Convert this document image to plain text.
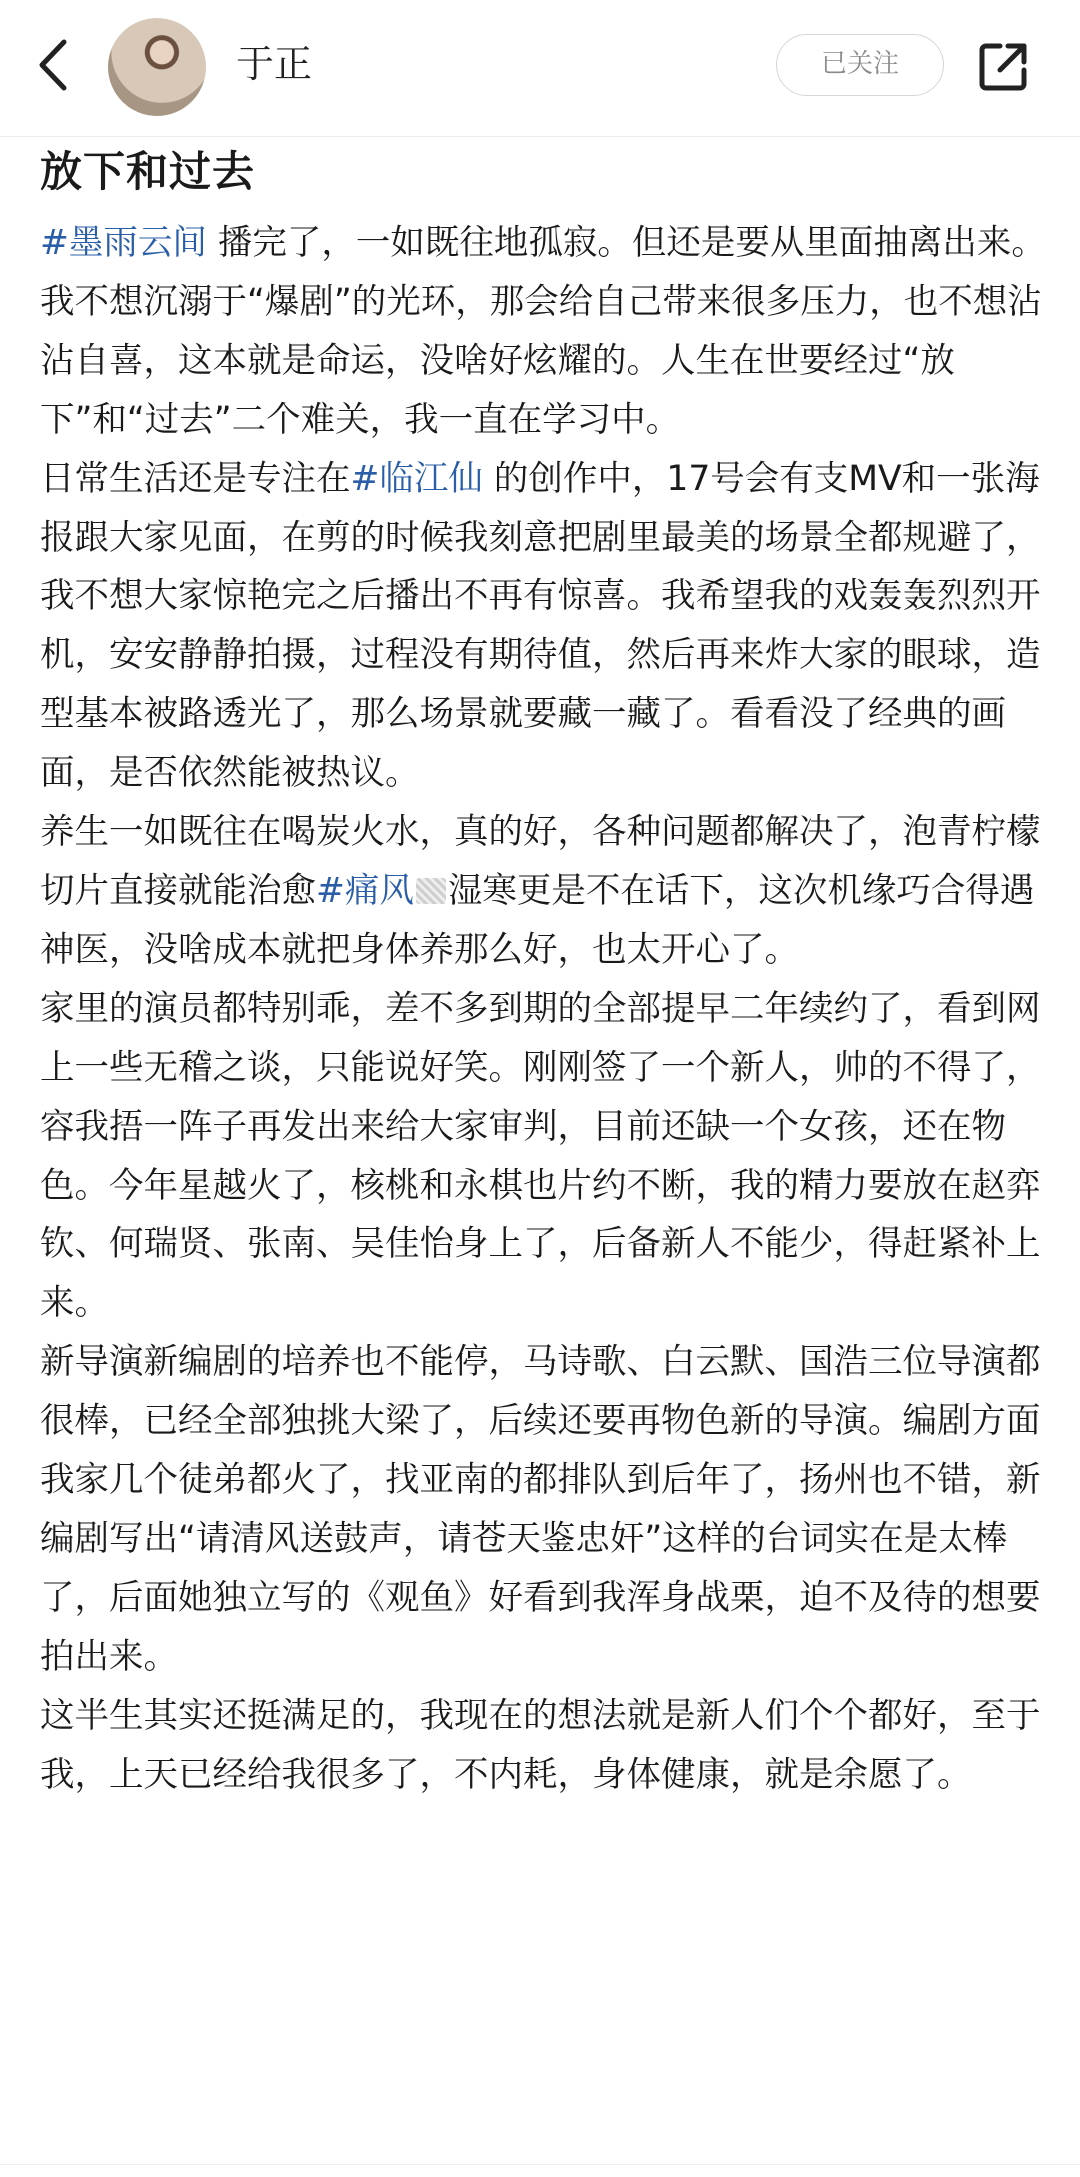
于正	已关注
放下和过去

#墨雨云间 播完了，一如既往地孤寂。但还是要从里面抽离出来。我不想沉溺于“爆剧”的光环，那会给自己带来很多压力，也不想沾沾自喜，这本就是命运，没啥好炫耀的。人生在世要经过“放下”和“过去”二个难关，我一直在学习中。

日常生活还是专注在#临江仙 的创作中，17号会有支MV和一张海报跟大家见面，在剪的时候我刻意把剧里最美的场景全都规避了，我不想大家惊艳完之后播出不再有惊喜。我希望我的戏轰轰烈烈开机，安安静静拍摄，过程没有期待值，然后再来炸大家的眼球，造型基本被路透光了，那么场景就要藏一藏了。看看没了经典的画面，是否依然能被热议。

养生一如既往在喝炭火水，真的好，各种问题都解决了，泡青柠檬切片直接就能治愈#痛风 湿寒更是不在话下，这次机缘巧合得遇神医，没啥成本就把身体养那么好，也太开心了。

家里的演员都特别乖，差不多到期的全部提早二年续约了，看到网上一些无稽之谈，只能说好笑。刚刚签了一个新人，帅的不得了，容我捂一阵子再发出来给大家审判，目前还缺一个女孩，还在物色。今年星越火了，核桃和永棋也片约不断，我的精力要放在赵弈钦、何瑞贤、张南、吴佳怡身上了，后备新人不能少，得赶紧补上来。

新导演新编剧的培养也不能停，马诗歌、白云默、国浩三位导演都很棒，已经全部独挑大梁了，后续还要再物色新的导演。编剧方面我家几个徒弟都火了，找亚南的都排队到后年了，扬州也不错，新编剧写出“请清风送鼓声，请苍天鉴忠奸”这样的台词实在是太棒了，后面她独立写的《观鱼》好看到我浑身战栗，迫不及待的想要拍出来。

这半生其实还挺满足的，我现在的想法就是新人们个个都好，至于我，上天已经给我很多了，不内耗，身体健康，就是余愿了。
